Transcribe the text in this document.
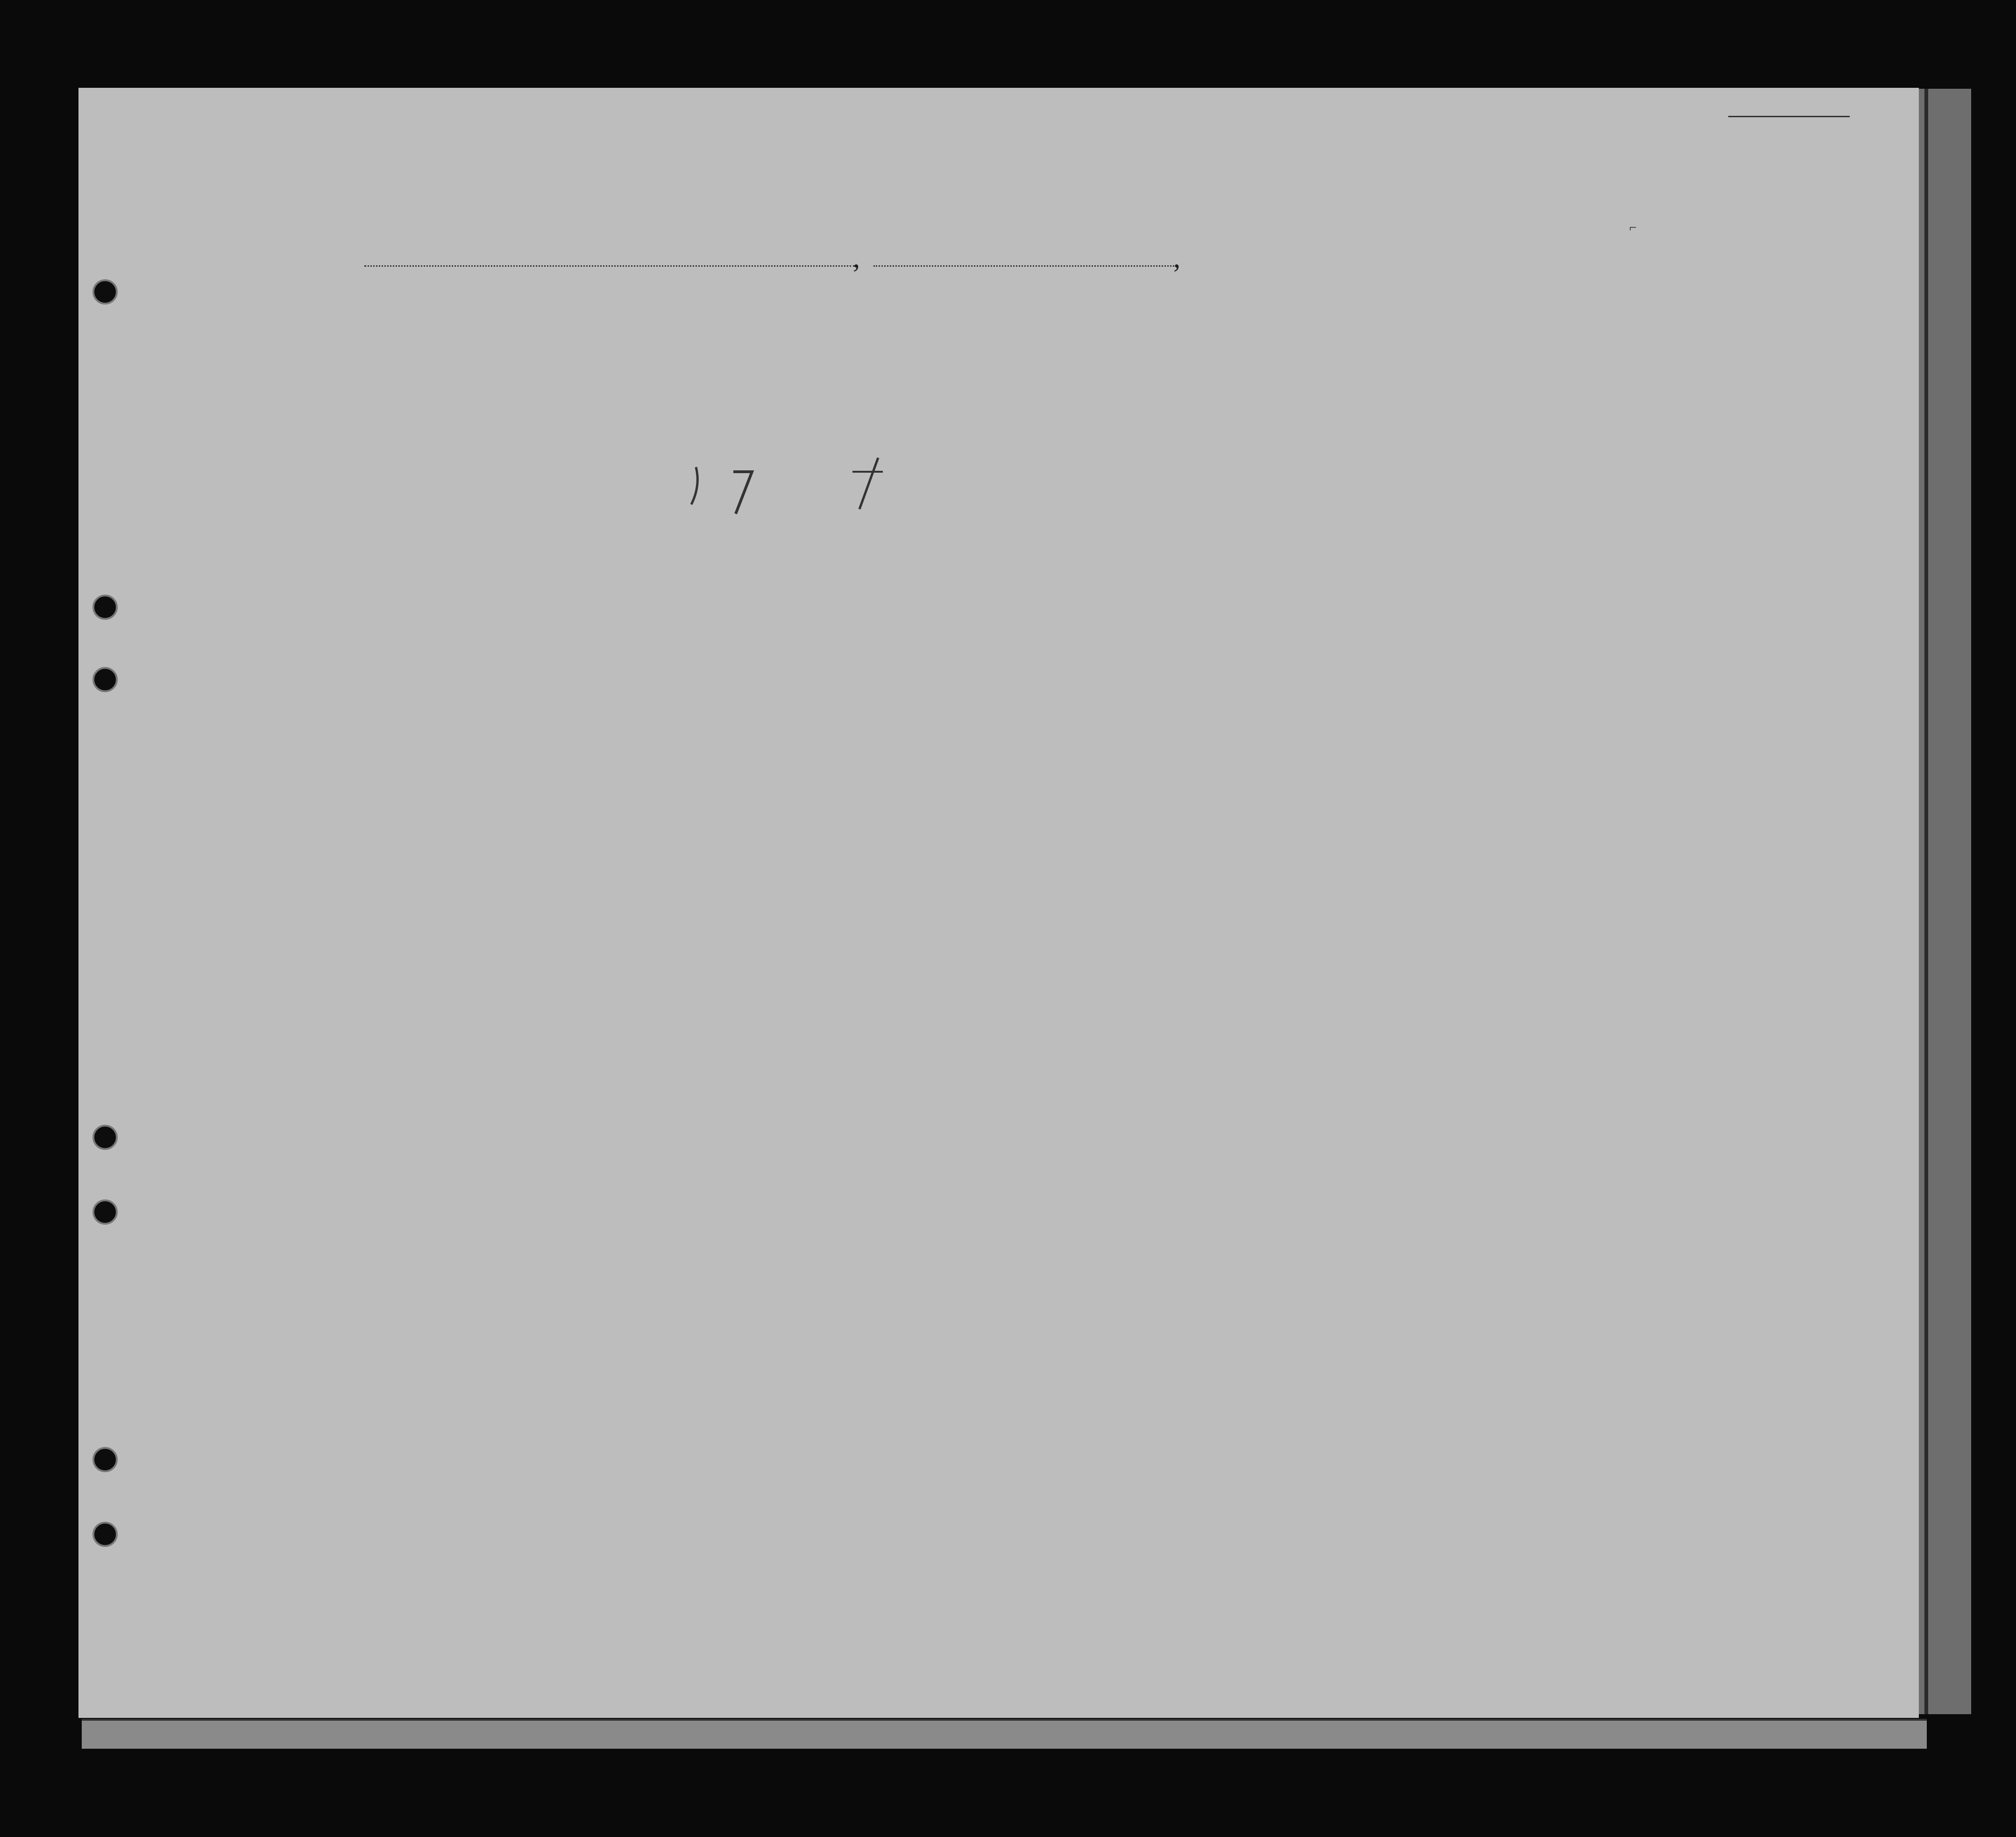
⌐
,	,
